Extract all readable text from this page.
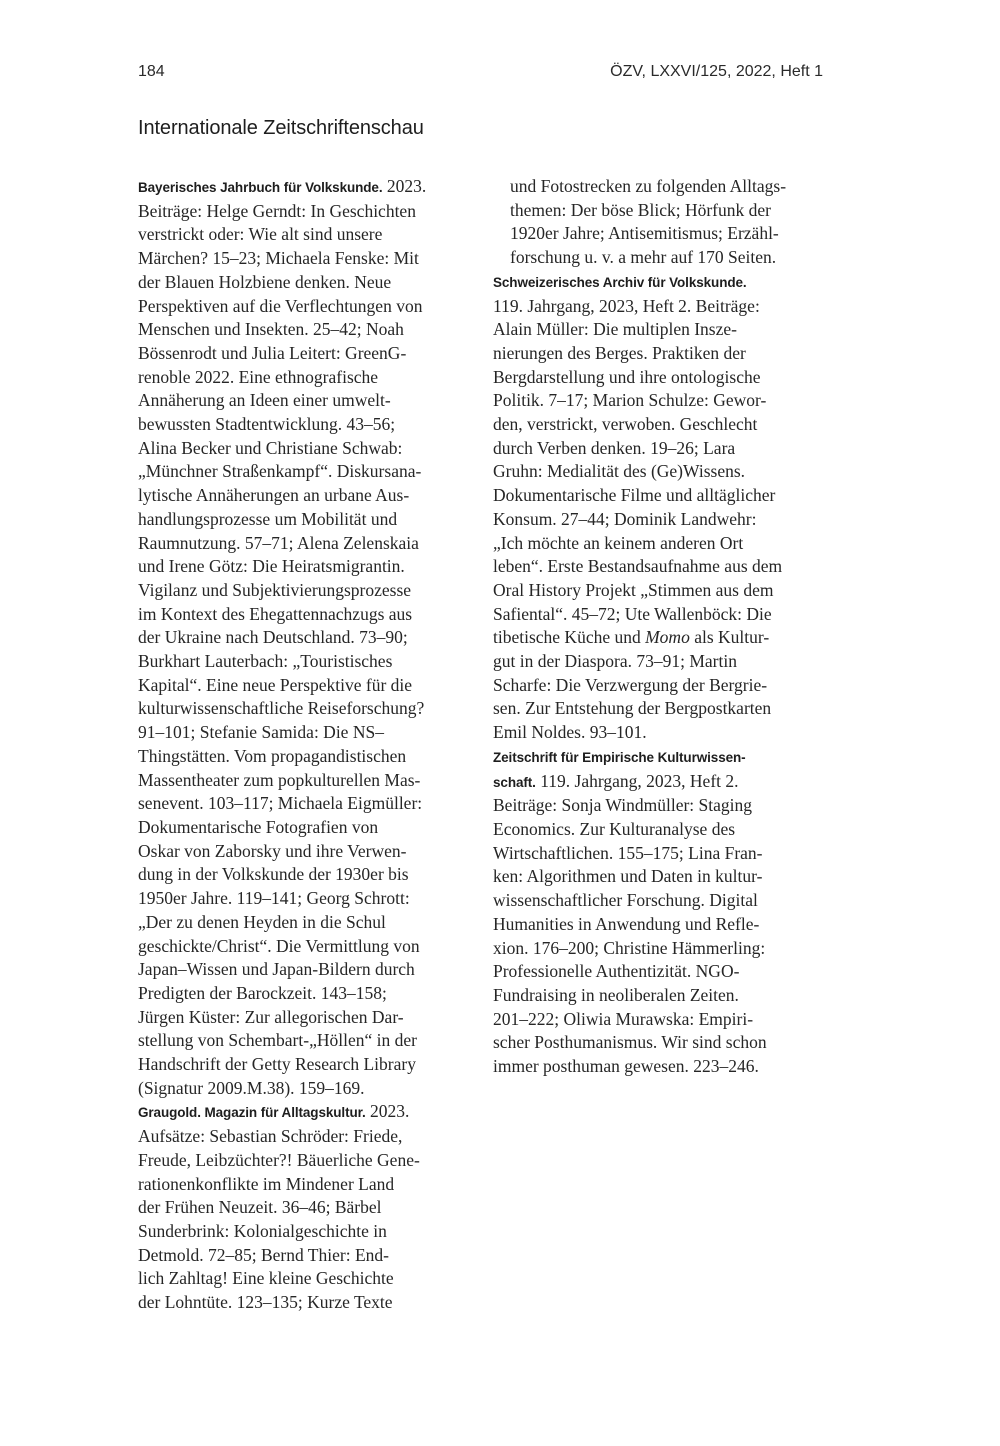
184	ÖZV, LXXVI/125, 2022, Heft 1
Internationale Zeitschriftenschau

Bayerisches Jahrbuch für Volkskunde. 2023.
Beiträge: Helge Gerndt: In Geschichten
verstrickt oder: Wie alt sind unsere
Märchen? 15–23; Michaela Fenske: Mit
der Blauen Holzbiene denken. Neue
Perspektiven auf die Verflechtungen von
Menschen und Insekten. 25–42; Noah
Bössenrodt und Julia Leitert: GreenG-
renoble 2022. Eine ethnografische
Annäherung an Ideen einer umwelt-
bewussten Stadtentwicklung. 43–56;
Alina Becker und Christiane Schwab:
„Münchner Straßenkampf“. Diskursana-
lytische Annäherungen an urbane Aus-
handlungsprozesse um Mobilität und
Raumnutzung. 57–71; Alena Zelenskaia
und Irene Götz: Die Heiratsmigrantin.
Vigilanz und Subjektivierungsprozesse
im Kontext des Ehegattennachzugs aus
der Ukraine nach Deutschland. 73–90;
Burkhart Lauterbach: „Touristisches
Kapital“. Eine neue Perspektive für die
kulturwissenschaftliche Reiseforschung?
91–101; Stefanie Samida: Die NS–
Thingstätten. Vom propagandistischen
Massentheater zum popkulturellen Mas-
senevent. 103–117; Michaela Eigmüller:
Dokumentarische Fotografien von
Oskar von Zaborsky und ihre Verwen-
dung in der Volkskunde der 1930er bis
1950er Jahre. 119–141; Georg Schrott:
„Der zu denen Heyden in die Schul
geschickte/Christ“. Die Vermittlung von
Japan–Wissen und Japan-Bildern durch
Predigten der Barockzeit. 143–158;
Jürgen Küster: Zur allegorischen Dar-
stellung von Schembart-„Höllen“ in der
Handschrift der Getty Research Library
(Signatur 2009.M.38). 159–169.

Graugold. Magazin für Alltagskultur. 2023.
Aufsätze: Sebastian Schröder: Friede,
Freude, Leibzüchter?! Bäuerliche Gene-
rationenkonflikte im Mindener Land
der Frühen Neuzeit. 36–46; Bärbel
Sunderbrink: Kolonialgeschichte in
Detmold. 72–85; Bernd Thier: End-
lich Zahltag! Eine kleine Geschichte
der Lohntüte. 123–135; Kurze Texte

und Fotostrecken zu folgenden Alltags-
themen: Der böse Blick; Hörfunk der
1920er Jahre; Antisemitismus; Erzähl-
forschung u. v. a mehr auf 170 Seiten.

Schweizerisches Archiv für Volkskunde.
119. Jahrgang, 2023, Heft 2. Beiträge:
Alain Müller: Die multiplen Insze-
nierungen des Berges. Praktiken der
Bergdarstellung und ihre ontologische
Politik. 7–17; Marion Schulze: Gewor-
den, verstrickt, verwoben. Geschlecht
durch Verben denken. 19–26; Lara
Gruhn: Medialität des (Ge)Wissens.
Dokumentarische Filme und alltäglicher
Konsum. 27–44; Dominik Landwehr:
„Ich möchte an keinem anderen Ort
leben“. Erste Bestandsaufnahme aus dem
Oral History Projekt „Stimmen aus dem
Safiental“. 45–72; Ute Wallenböck: Die
tibetische Küche und Momo als Kultur-
gut in der Diaspora. 73–91; Martin
Scharfe: Die Verzwergung der Bergrie-
sen. Zur Entstehung der Bergpostkarten
Emil Noldes. 93–101.

Zeitschrift für Empirische Kulturwissen-
schaft. 119. Jahrgang, 2023, Heft 2.
Beiträge: Sonja Windmüller: Staging
Economics. Zur Kulturanalyse des
Wirtschaftlichen. 155–175; Lina Fran-
ken: Algorithmen und Daten in kultur-
wissenschaftlicher Forschung. Digital
Humanities in Anwendung und Refle-
xion. 176–200; Christine Hämmerling:
Professionelle Authentizität. NGO-
Fundraising in neoliberalen Zeiten.
201–222; Oliwia Murawska: Empiri-
scher Posthumanismus. Wir sind schon
immer posthuman gewesen. 223–246.
